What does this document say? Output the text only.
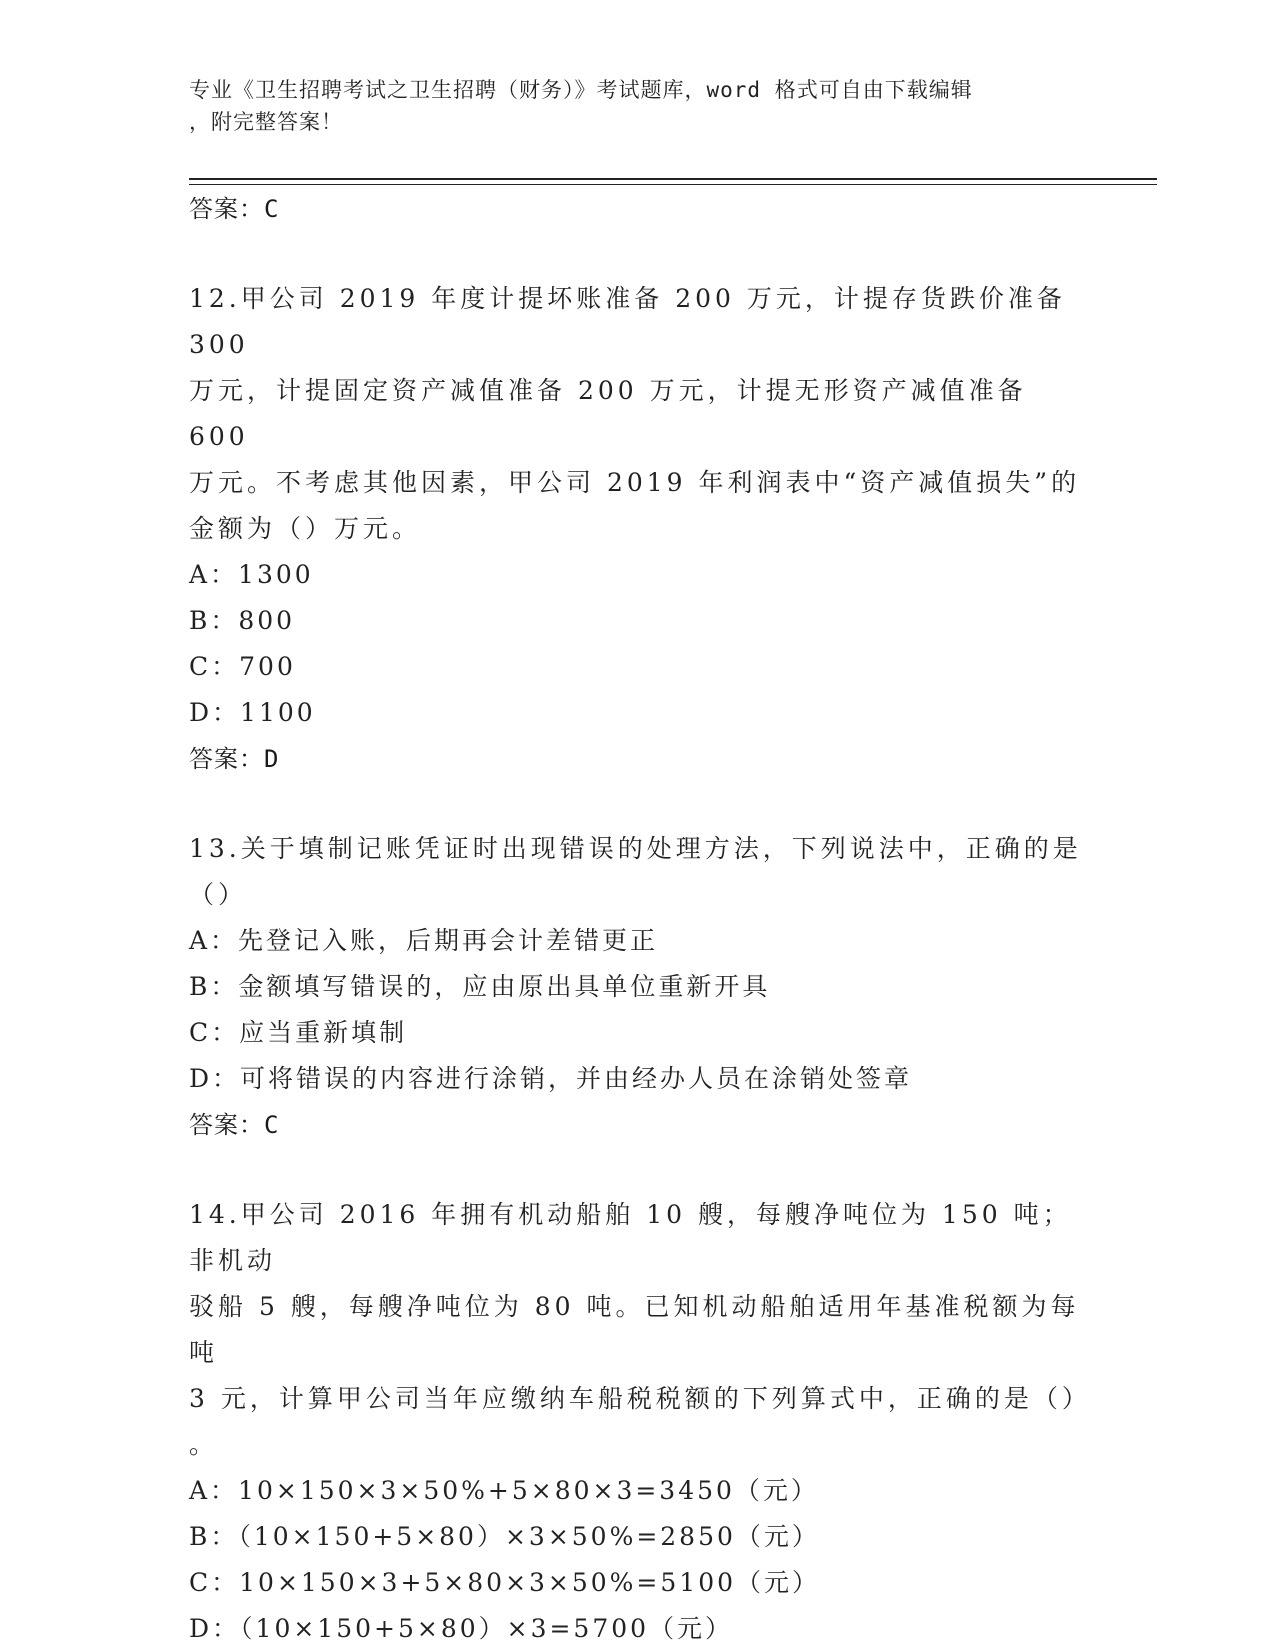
专业《卫生招聘考试之卫生招聘（财务）》考试题库，word 格式可自由下载编辑
，附完整答案！
答案：C
12.甲公司 2019 年度计提坏账准备 200 万元，计提存货跌价准备 300
万元，计提固定资产减值准备 200 万元，计提无形资产减值准备 600
万元。不考虑其他因素，甲公司 2019 年利润表中“资产减值损失”的
金额为（）万元。
A：1300
B：800
C：700
D：1100
答案：D
13.关于填制记账凭证时出现错误的处理方法，下列说法中，正确的是
（）
A：先登记入账，后期再会计差错更正
B：金额填写错误的，应由原出具单位重新开具
C：应当重新填制
D：可将错误的内容进行涂销，并由经办人员在涂销处签章
答案：C
14.甲公司 2016 年拥有机动船舶 10 艘，每艘净吨位为 150 吨；非机动
驳船 5 艘，每艘净吨位为 80 吨。已知机动船舶适用年基准税额为每吨
3 元，计算甲公司当年应缴纳车船税税额的下列算式中，正确的是（）
。
A：10×150×3×50%+5×80×3=3450（元）
B：（10×150+5×80）×3×50%=2850（元）
C：10×150×3+5×80×3×50%=5100（元）
D：（10×150+5×80）×3=5700（元）
